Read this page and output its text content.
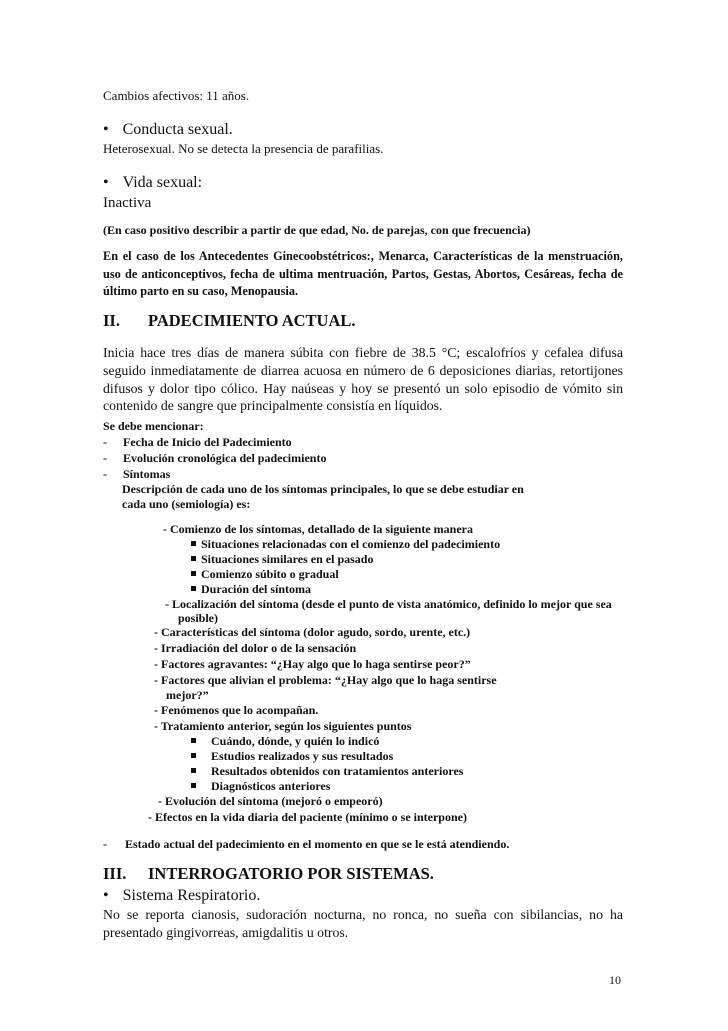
Cambios afectivos: 11 años.
• Conducta sexual.
Heterosexual. No se detecta la presencia de parafilias.
• Vida sexual:
Inactiva
(En caso positivo describir a partir de que edad, No. de parejas, con que frecuencia)
En el caso de los Antecedentes Ginecoobstétricos:, Menarca, Características de la menstruación, uso de anticonceptivos, fecha de ultima mentruación, Partos, Gestas, Abortos, Cesáreas, fecha de último parto en su caso, Menopausia.
II. PADECIMIENTO ACTUAL.
Inicia hace tres días de manera súbita con fiebre de 38.5 °C; escalofríos y cefalea difusa seguido inmediatamente de diarrea acuosa en número de 6 deposiciones diarias, retortijones difusos y dolor tipo cólico. Hay naúseas y hoy se presentó un solo episodio de vómito sin contenido de sangre que principalmente consistía en líquidos.
Se debe mencionar:
- Fecha de Inicio del Padecimiento
- Evolución cronológica del padecimiento
- Síntomas
Descripción de cada uno de los síntomas principales, lo que se debe estudiar en
cada uno (semiología) es:
- Comienzo de los síntomas, detallado de la siguiente manera
Situaciones relacionadas con el comienzo del padecimiento
Situaciones similares en el pasado
Comienzo súbito o gradual
Duración del síntoma
- Localización del síntoma (desde el punto de vista anatómico, definido lo mejor que sea
posible)
- Características del síntoma (dolor agudo, sordo, urente, etc.)
- Irradiación del dolor o de la sensación
- Factores agravantes: “¿Hay algo que lo haga sentirse peor?”
- Factores que alivian el problema: “¿Hay algo que lo haga sentirse
mejor?”
- Fenómenos que lo acompañan.
- Tratamiento anterior, según los siguientes puntos
Cuándo, dónde, y quién lo indicó
Estudios realizados y sus resultados
Resultados obtenidos con tratamientos anteriores
Diagnósticos anteriores
- Evolución del síntoma (mejoró o empeoró)
- Efectos en la vida diaria del paciente (mínimo o se interpone)
- Estado actual del padecimiento en el momento en que se le está atendiendo.
III. INTERROGATORIO POR SISTEMAS.
• Sistema Respiratorio.
No se reporta cianosis, sudoración nocturna, no ronca, no sueña con sibilancias, no ha presentado gingivorreas, amigdalitis u otros.
10
